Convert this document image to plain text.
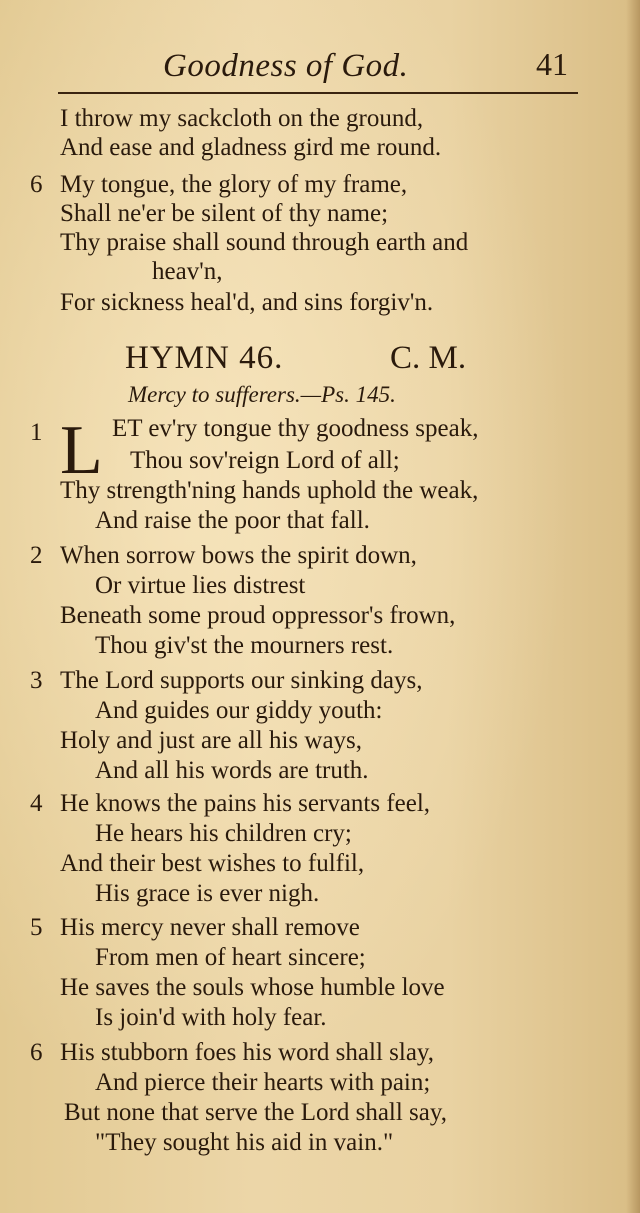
Goodness of God.	41
I throw my sackcloth on the ground,
And ease and gladness gird me round.
6 My tongue, the glory of my frame,
Shall ne'er be silent of thy name;
Thy praise shall sound through earth and
heav'n,
For sickness heal'd, and sins forgiv'n.
HYMN 46.	C. M.
Mercy to sufferers.—Ps. 145.
1 L ET ev'ry tongue thy goodness speak,
Thou sov'reign Lord of all;
Thy strength'ning hands uphold the weak,
And raise the poor that fall.
2 When sorrow bows the spirit down,
Or virtue lies distrest
Beneath some proud oppressor's frown,
Thou giv'st the mourners rest.
3 The Lord supports our sinking days,
And guides our giddy youth:
Holy and just are all his ways,
And all his words are truth.
4 He knows the pains his servants feel,
He hears his children cry;
And their best wishes to fulfil,
His grace is ever nigh.
5 His mercy never shall remove
From men of heart sincere;
He saves the souls whose humble love
Is join'd with holy fear.
6 His stubborn foes his word shall slay,
And pierce their hearts with pain;
But none that serve the Lord shall say,
"They sought his aid in vain."
